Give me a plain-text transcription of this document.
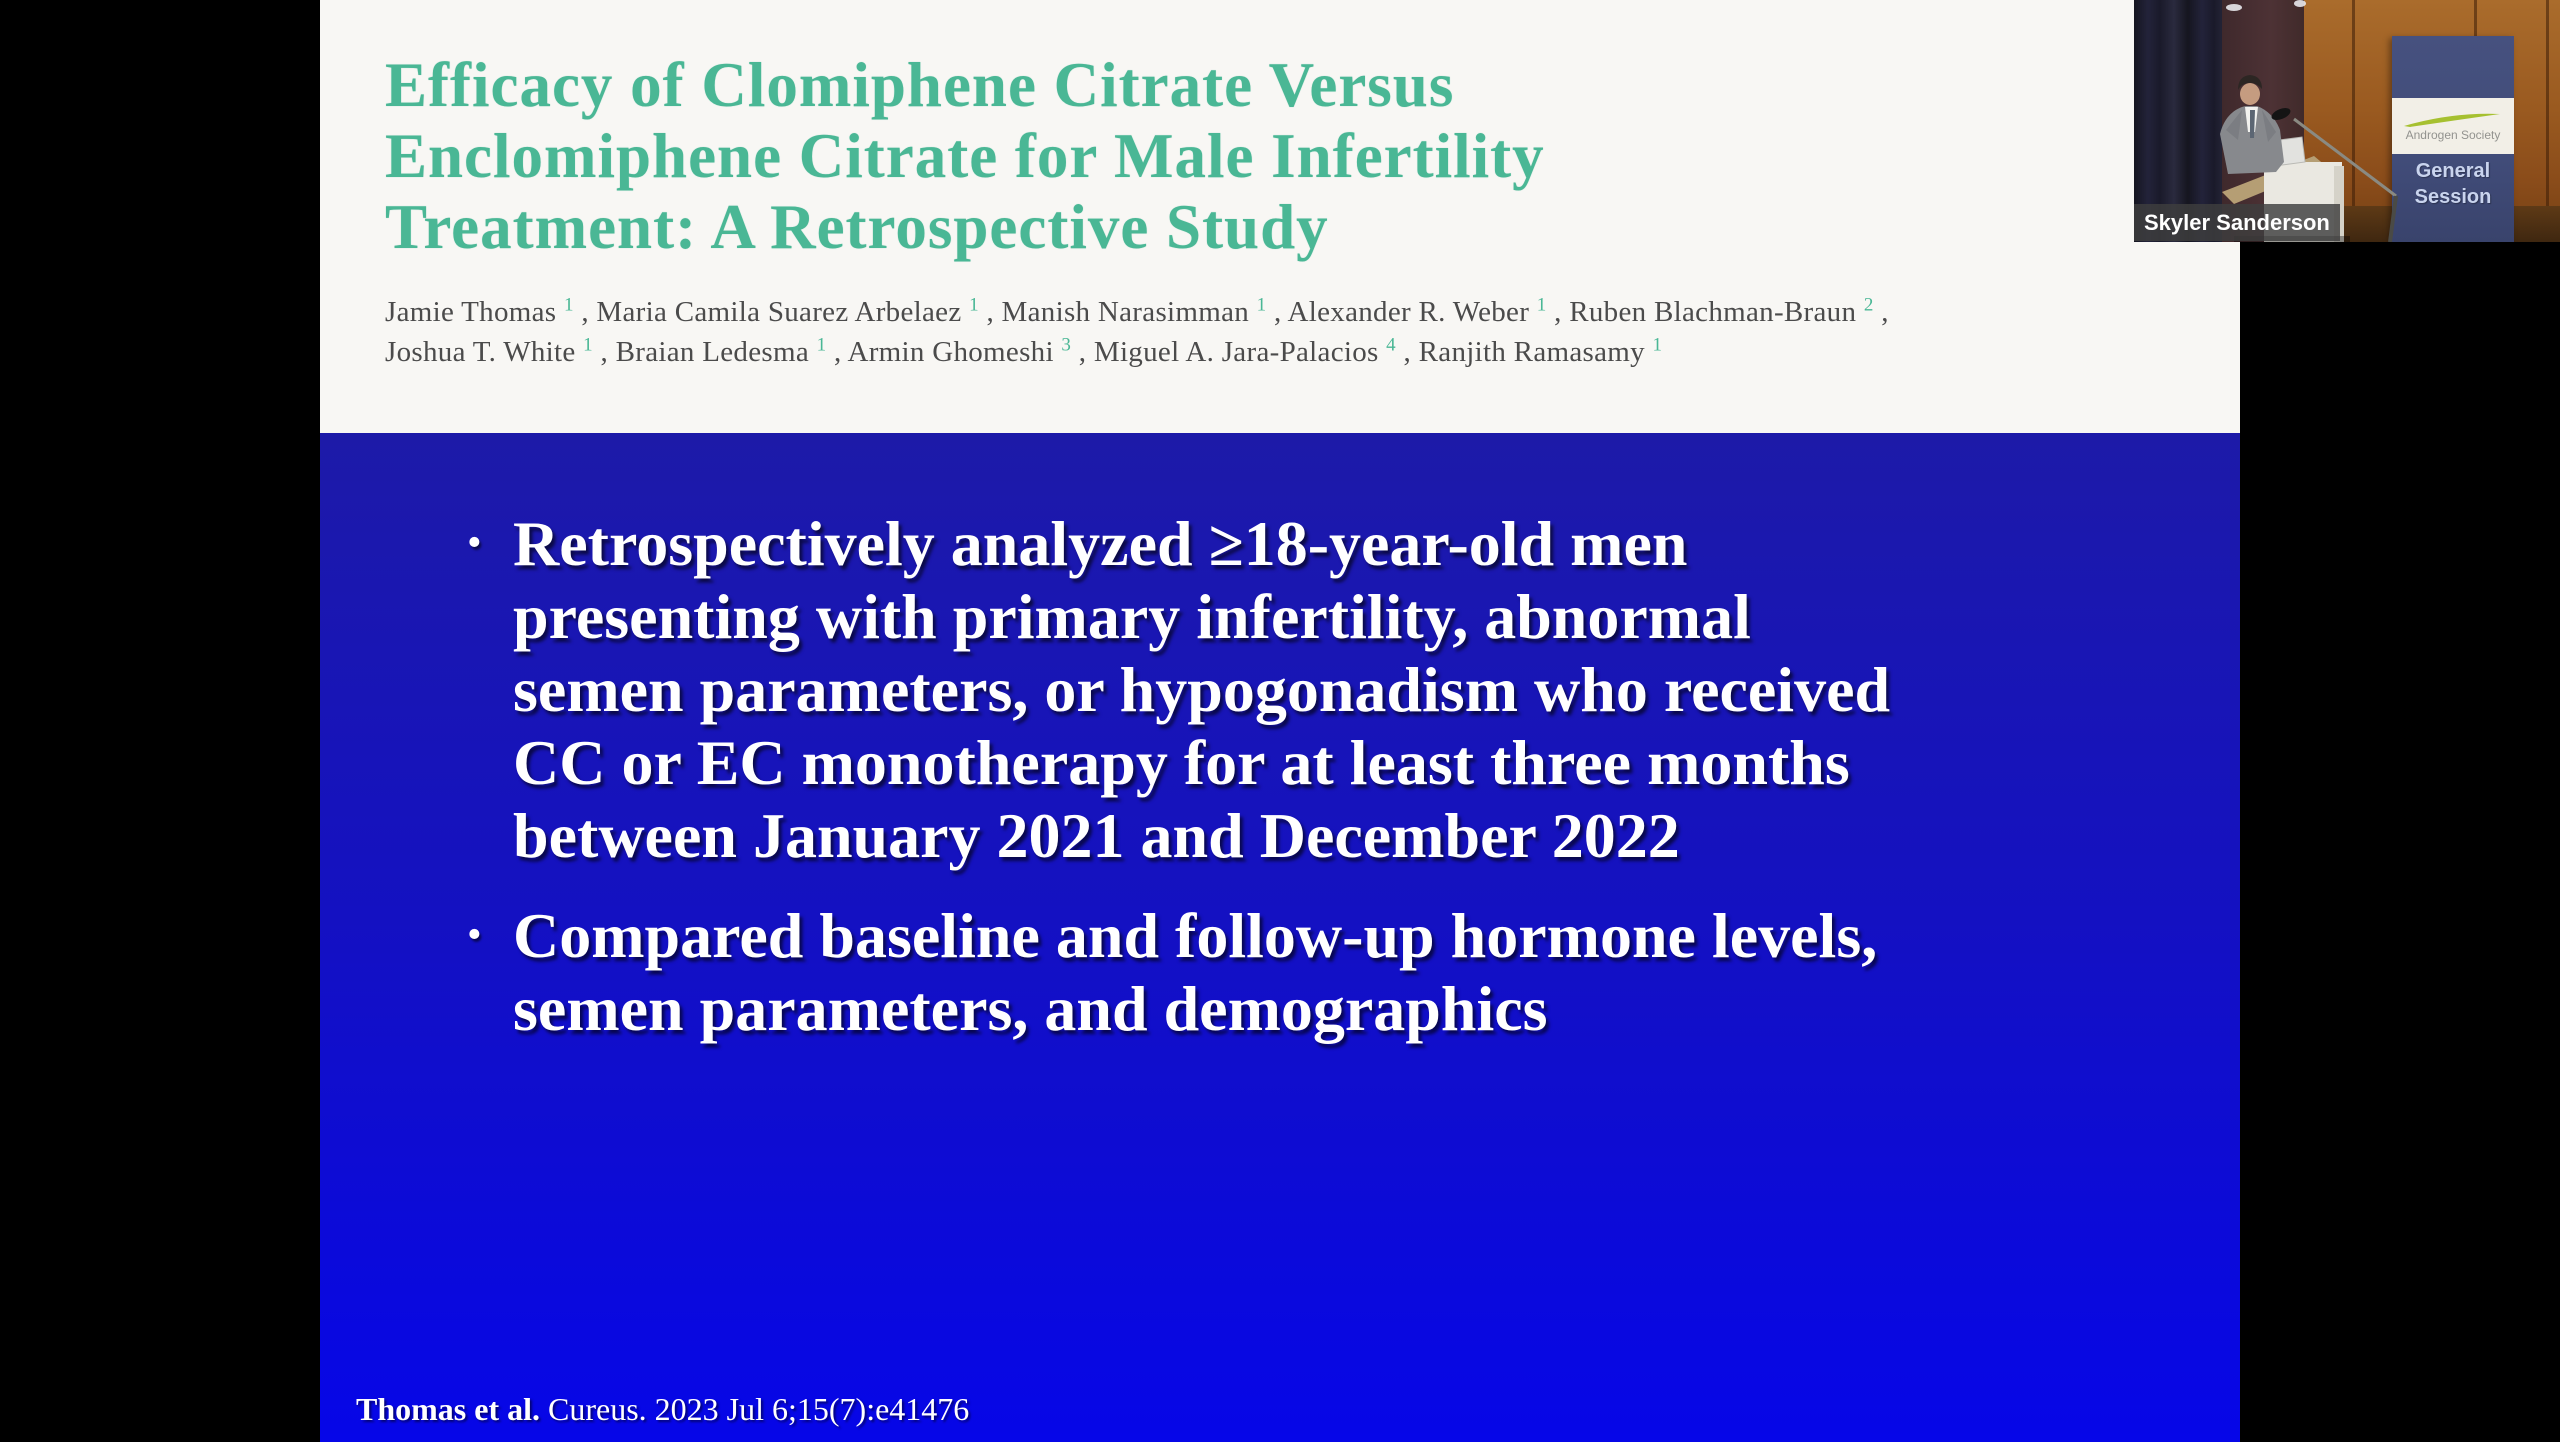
Efficacy of Clomiphene Citrate Versus
Enclomiphene Citrate for Male Infertility
Treatment: A Retrospective Study
Jamie Thomas $^1$ , Maria Camila Suarez Arbelaez $^1$ , Manish Narasimman $^1$ , Alexander R. Weber $^1$ , Ruben Blachman-Braun $^2$ , Joshua T. White $^1$ , Braian Ledesma $^1$ , Armin Ghomeshi $^3$ , Miguel A. Jara-Palacios $^4$ , Ranjith Ramasamy $^1$
• Retrospectively analyzed ≥18-year-old men
presenting with primary infertility, abnormal
semen parameters, or hypogonadism who received
CC or EC monotherapy for at least three months
between January 2021 and December 2022
• Compared baseline and follow-up hormone levels,
semen parameters, and demographics
Thomas et al. Cureus. 2023 Jul 6;15(7):e41476
Androgen Society
General
Session
Skyler Sanderson
